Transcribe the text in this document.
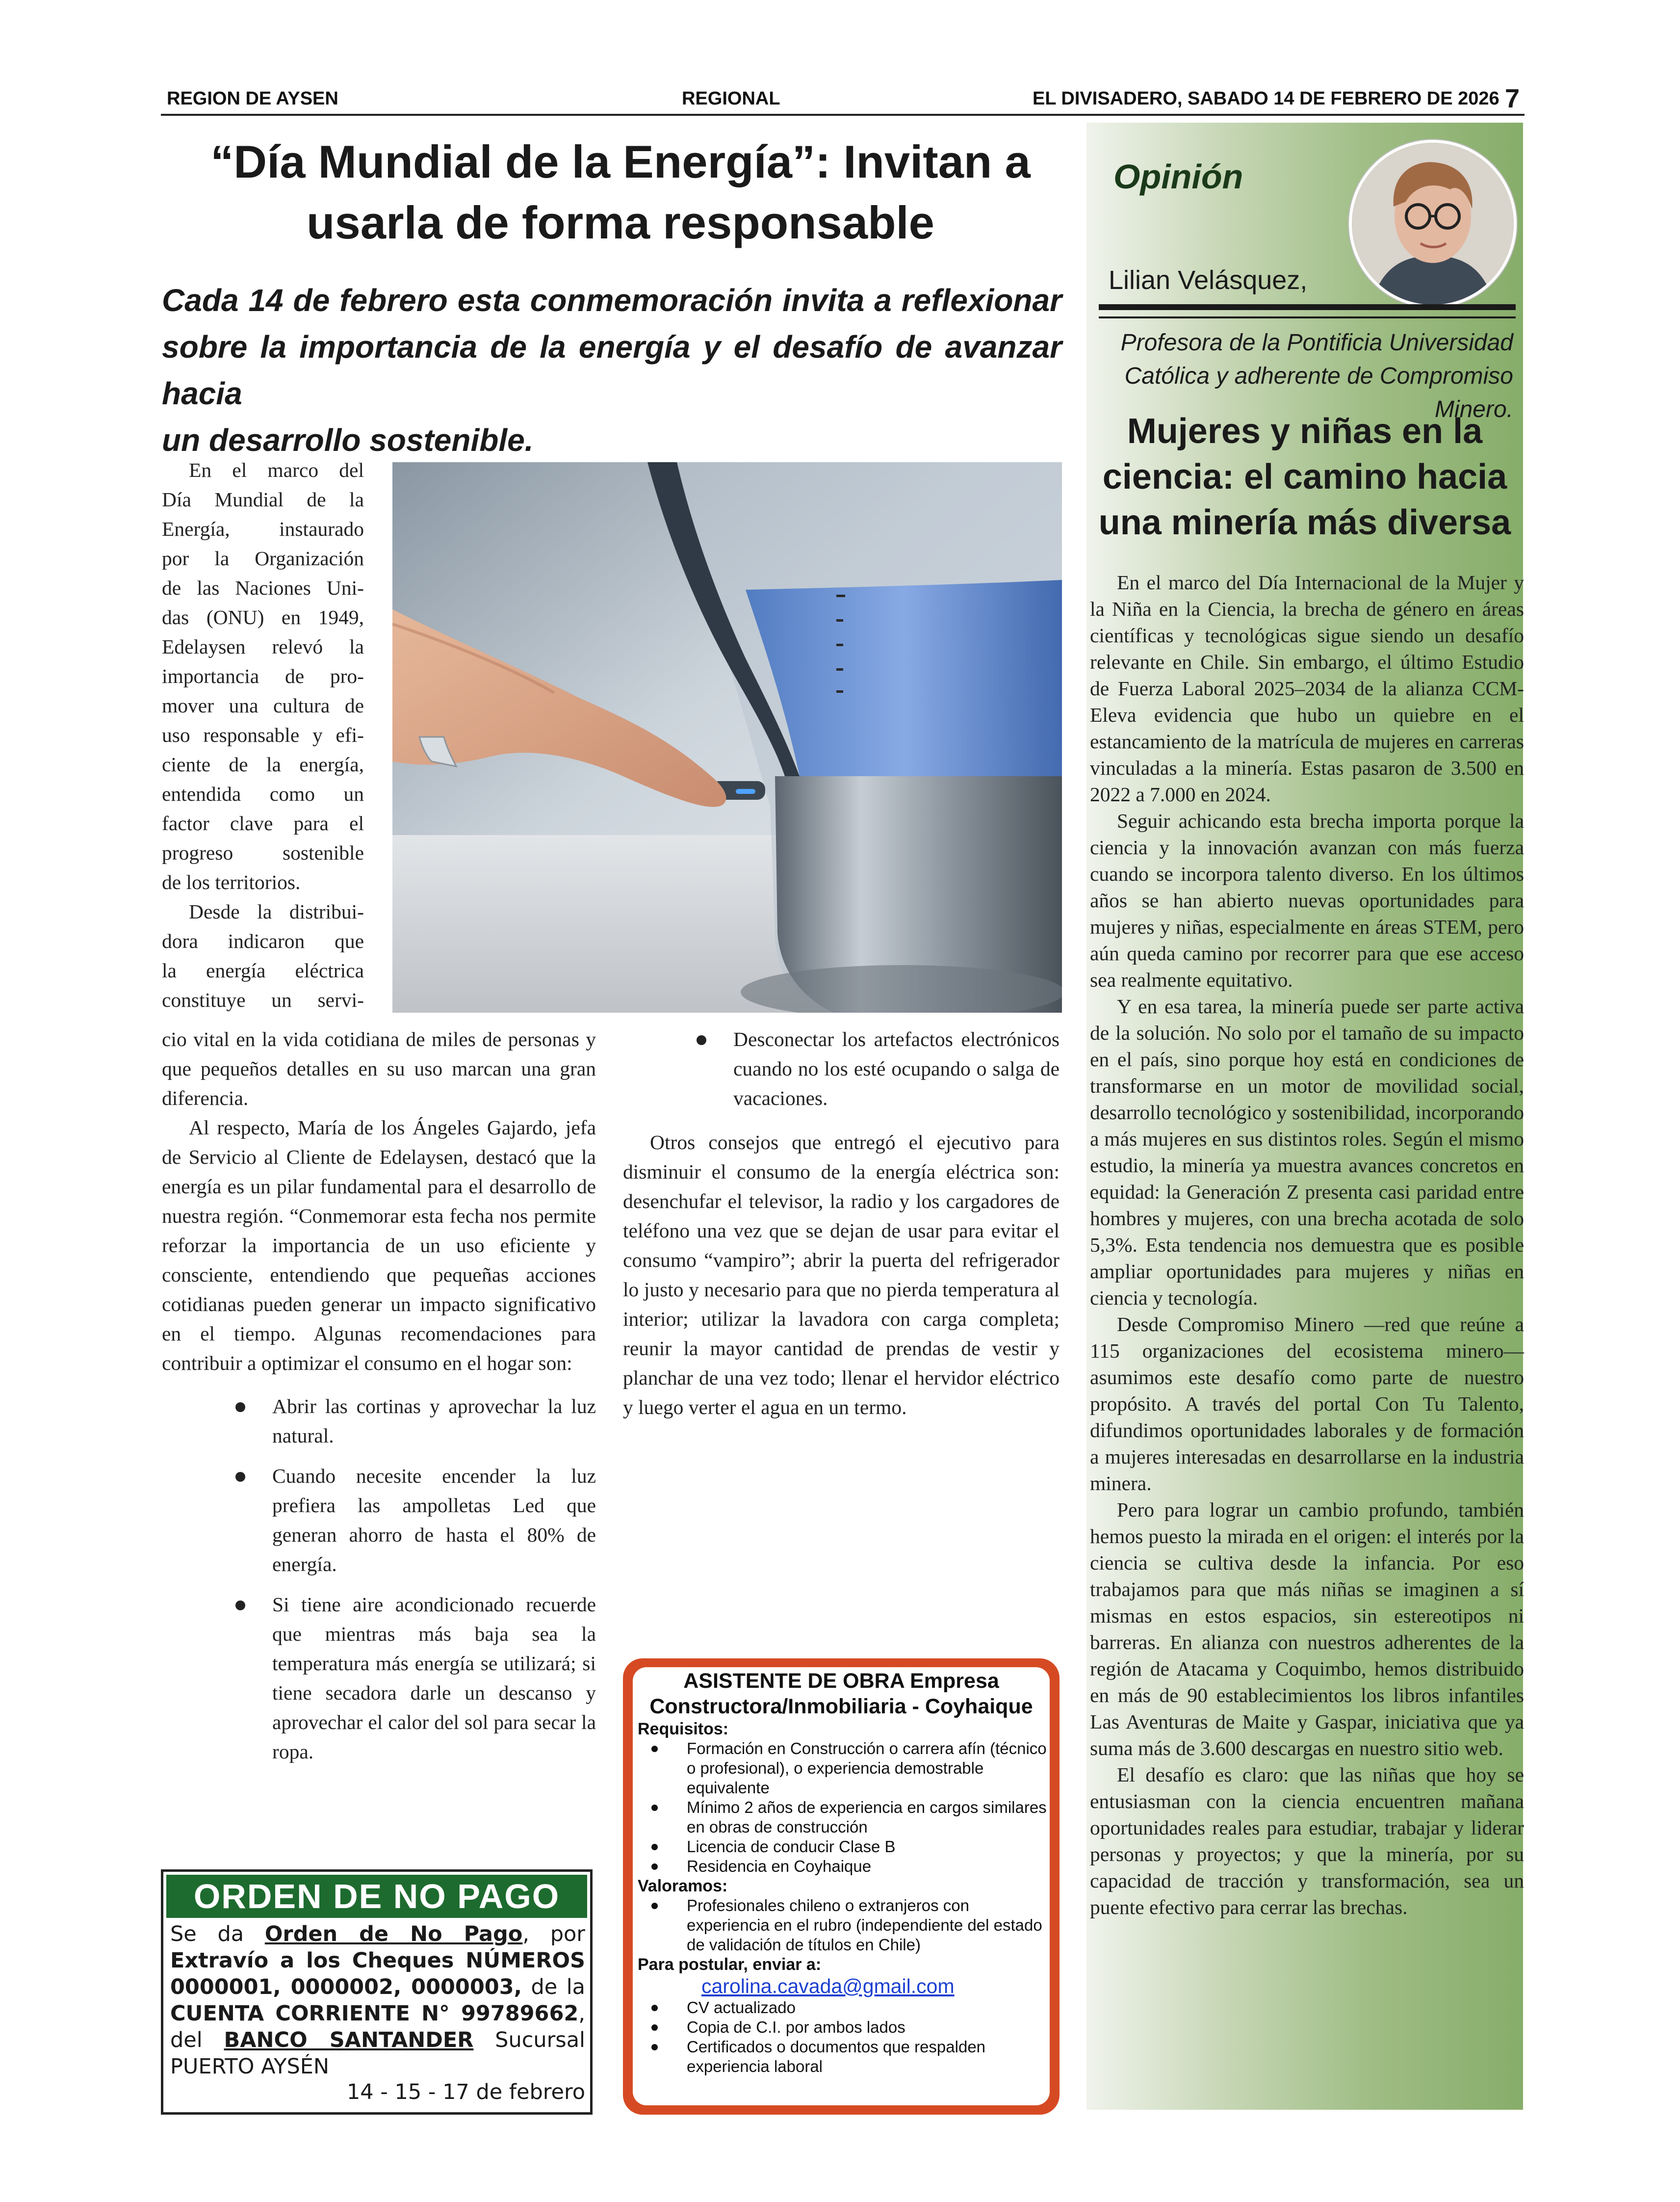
REGION DE AYSEN	REGIONAL	EL DIVISADERO, SABADO 14 DE FEBRERO DE 2026 7
“Día Mundial de la Energía”: Invitan a
usarla de forma responsable
Cada 14 de febrero esta conmemoración invita a reflexionar
sobre la importancia de la energía y el desafío de avanzar hacia
un desarrollo sostenible.
En el marco del
Día Mundial de la
Energía, instaurado
por la Organización
de las Naciones Uni-
das (ONU) en 1949,
Edelaysen relevó la
importancia de pro-
mover una cultura de
uso responsable y efi-
ciente de la energía,
entendida como un
factor clave para el
progreso sostenible
de los territorios.
Desde la distribui-
dora indicaron que
la energía eléctrica
constituye un servi-

cio vital en la vida cotidiana de miles de personas y que pequeños detalles en su uso marcan una gran diferencia.

Al respecto, María de los Ángeles Gajardo, jefa de Servicio al Cliente de Edelaysen, destacó que la energía es un pilar fundamental para el desarrollo de nuestra región. “Conmemorar esta fecha nos permite reforzar la importancia de un uso eficiente y consciente, entendiendo que pequeñas acciones cotidianas pueden generar un impacto significativo en el tiempo. Algunas recomendaciones para contribuir a optimizar el consumo en el hogar son:

Abrir las cortinas y aprovechar la luz natural.
Cuando necesite encender la luz prefiera las ampolletas Led que generan ahorro de hasta el 80% de energía.
Si tiene aire acondicionado recuerde que mientras más baja sea la temperatura más energía se utilizará; si tiene secadora darle un descanso y aprovechar el calor del sol para secar la ropa.
Desconectar los artefactos electrónicos cuando no los esté ocupando o salga de vacaciones.

Otros consejos que entregó el ejecutivo para disminuir el consumo de la energía eléctrica son: desenchufar el televisor, la radio y los cargadores de teléfono una vez que se dejan de usar para evitar el consumo “vampiro”; abrir la puerta del refrigerador lo justo y necesario para que no pierda temperatura al interior; utilizar la lavadora con carga completa; reunir la mayor cantidad de prendas de vestir y planchar de una vez todo; llenar el hervidor eléctrico y luego verter el agua en un termo.

Opinión
Lilian Velásquez,
Profesora de la Pontificia Universidad
Católica y adherente de Compromiso Minero.
Mujeres y niñas en la
ciencia: el camino hacia
una minería más diversa

En el marco del Día Internacional de la Mujer y la Niña en la Ciencia, la brecha de género en áreas científicas y tecnológicas sigue siendo un desafío relevante en Chile. Sin embargo, el último Estudio de Fuerza Laboral 2025–2034 de la alianza CCM-Eleva evidencia que hubo un quiebre en el estancamiento de la matrícula de mujeres en carreras vinculadas a la minería. Estas pasaron de 3.500 en 2022 a 7.000 en 2024.

Seguir achicando esta brecha importa porque la ciencia y la innovación avanzan con más fuerza cuando se incorpora talento diverso. En los últimos años se han abierto nuevas oportunidades para mujeres y niñas, especialmente en áreas STEM, pero aún queda camino por recorrer para que ese acceso sea realmente equitativo.

Y en esa tarea, la minería puede ser parte activa de la solución. No solo por el tamaño de su impacto en el país, sino porque hoy está en condiciones de transformarse en un motor de movilidad social, desarrollo tecnológico y sostenibilidad, incorporando a más mujeres en sus distintos roles. Según el mismo estudio, la minería ya muestra avances concretos en equidad: la Generación Z presenta casi paridad entre hombres y mujeres, con una brecha acotada de solo 5,3%. Esta tendencia nos demuestra que es posible ampliar oportunidades para mujeres y niñas en ciencia y tecnología.

Desde Compromiso Minero —red que reúne a 115 organizaciones del ecosistema minero— asumimos este desafío como parte de nuestro propósito. A través del portal Con Tu Talento, difundimos oportunidades laborales y de formación a mujeres interesadas en desarrollarse en la industria minera.

Pero para lograr un cambio profundo, también hemos puesto la mirada en el origen: el interés por la ciencia se cultiva desde la infancia. Por eso trabajamos para que más niñas se imaginen a sí mismas en estos espacios, sin estereotipos ni barreras. En alianza con nuestros adherentes de la región de Atacama y Coquimbo, hemos distribuido en más de 90 establecimientos los libros infantiles Las Aventuras de Maite y Gaspar, iniciativa que ya suma más de 3.600 descargas en nuestro sitio web.

El desafío es claro: que las niñas que hoy se entusiasman con la ciencia encuentren mañana oportunidades reales para estudiar, trabajar y liderar personas y proyectos; y que la minería, por su capacidad de tracción y transformación, sea un puente efectivo para cerrar las brechas.

ORDEN DE NO PAGO
Se da Orden de No Pago, por Extravío a los Cheques NÚMEROS 0000001, 0000002, 0000003, de la CUENTA CORRIENTE N° 99789662, del BANCO SANTANDER Sucursal PUERTO AYSÉN
14 - 15 - 17 de febrero
ASISTENTE DE OBRA Empresa
Constructora/Inmobiliaria - Coyhaique
Requisitos:
Formación en Construcción o carrera afín (técnico o profesional), o experiencia demostrable equivalente
Mínimo 2 años de experiencia en cargos similares en obras de construcción
Licencia de conducir Clase B
Residencia en Coyhaique
Valoramos:
Profesionales chileno o extranjeros con experiencia en el rubro (independiente del estado de validación de títulos en Chile)
Para postular, enviar a:
carolina.cavada@gmail.com
CV actualizado
Copia de C.I. por ambos lados
Certificados o documentos que respalden experiencia laboral
